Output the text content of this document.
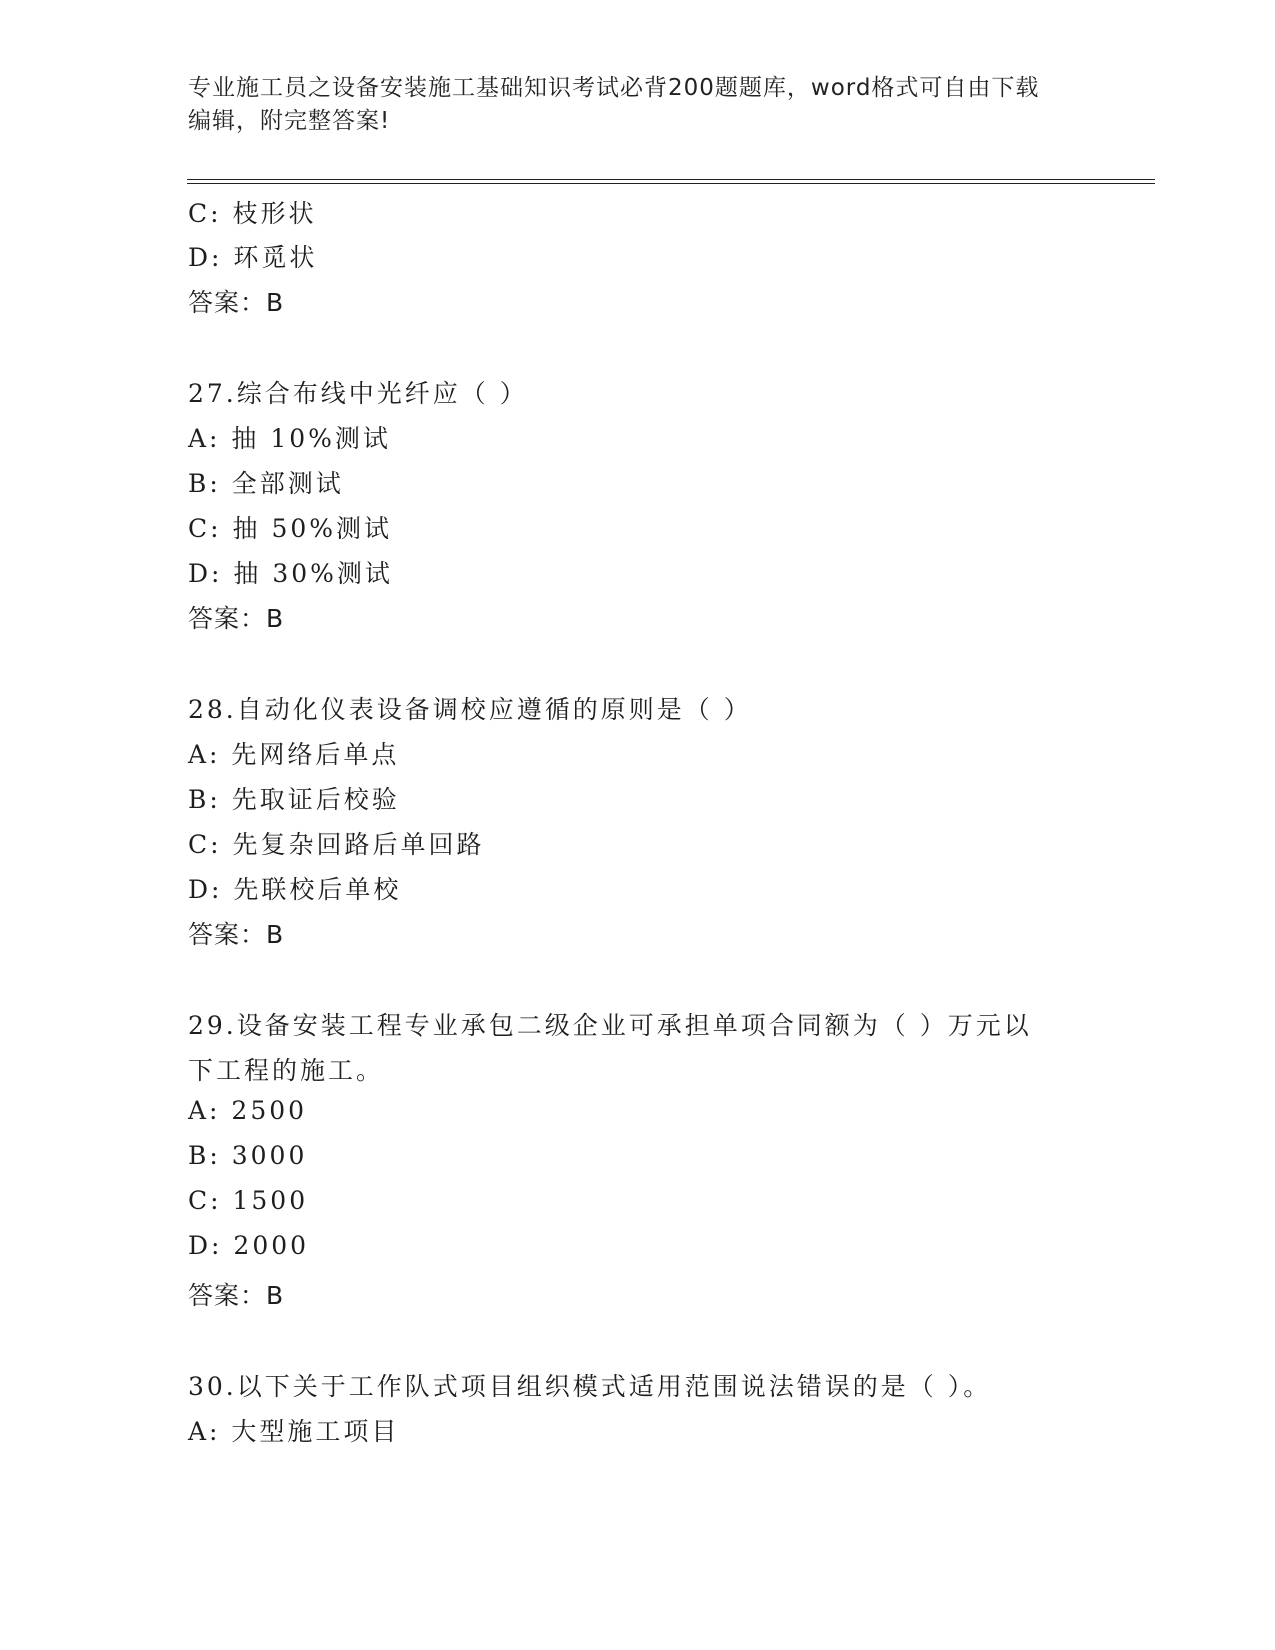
专业施工员之设备安装施工基础知识考试必背200题题库，word格式可自由下载
编辑，附完整答案!
C: 枝形状
D: 环觅状
答案：B
27.综合布线中光纤应（ ）
A: 抽 10%测试
B: 全部测试
C: 抽 50%测试
D: 抽 30%测试
答案：B
28.自动化仪表设备调校应遵循的原则是（ ）
A: 先网络后单点
B: 先取证后校验
C: 先复杂回路后单回路
D: 先联校后单校
答案：B
29.设备安装工程专业承包二级企业可承担单项合同额为（ ）万元以
下工程的施工。
A: 2500
B: 3000
C: 1500
D: 2000
答案：B
30.以下关于工作队式项目组织模式适用范围说法错误的是（ ）。
A: 大型施工项目
